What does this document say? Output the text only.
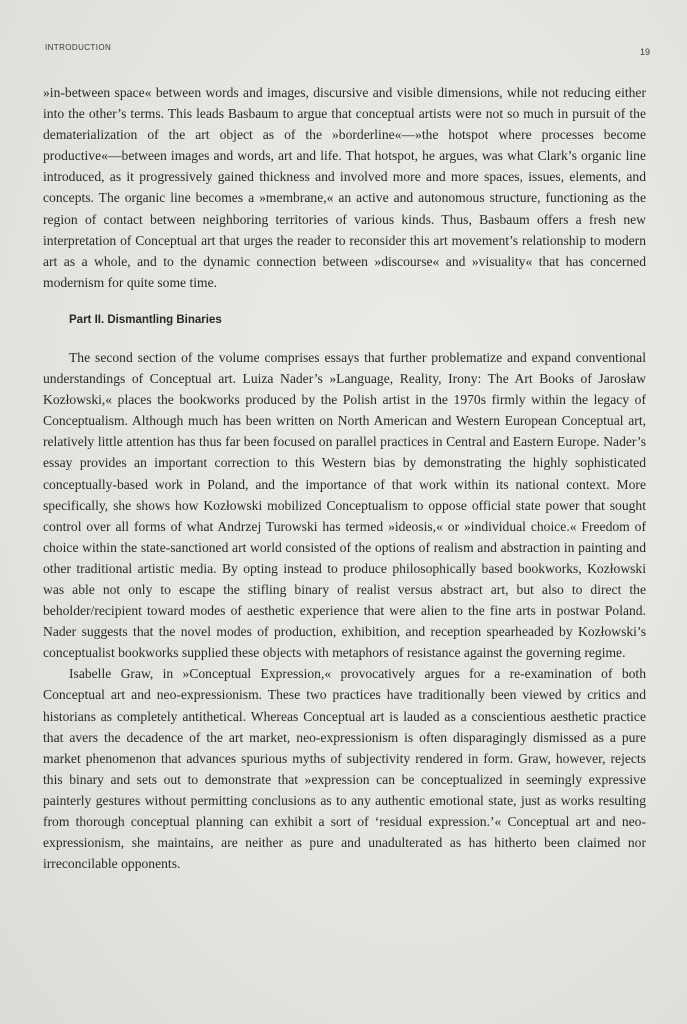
INTRODUCTION	19

»in-between space« between words and images, discursive and visible dimensions, while not reducing either into the other’s terms. This leads Basbaum to argue that conceptual artists were not so much in pursuit of the dematerialization of the art object as of the »borderline«—»the hotspot where processes become productive«—between images and words, art and life. That hotspot, he argues, was what Clark’s organic line introduced, as it progressively gained thickness and involved more and more spaces, issues, elements, and concepts. The organic line becomes a »membrane,« an active and autonomous structure, functioning as the region of contact between neighboring territories of various kinds. Thus, Basbaum offers a fresh new interpretation of Conceptual art that urges the reader to reconsider this art movement’s relationship to modern art as a whole, and to the dynamic connection between »discourse« and »visuality« that has concerned modernism for quite some time.

Part II. Dismantling Binaries

The second section of the volume comprises essays that further problematize and expand conventional understandings of Conceptual art. Luiza Nader’s »Language, Reality, Irony: The Art Books of Jarosław Kozłowski,« places the bookworks produced by the Polish artist in the 1970s firmly within the legacy of Conceptualism. Although much has been written on North American and Western European Conceptual art, relatively little attention has thus far been focused on parallel practices in Central and Eastern Europe. Nader’s essay provides an important correction to this Western bias by demonstrating the highly sophisticated conceptually-based work in Poland, and the importance of that work within its national context. More specifically, she shows how Kozłowski mobilized Conceptualism to oppose official state power that sought control over all forms of what Andrzej Turowski has termed »ideosis,« or »individual choice.« Freedom of choice within the state-sanctioned art world consisted of the options of realism and abstraction in painting and other traditional artistic media. By opting instead to produce philosophically based bookworks, Kozłowski was able not only to escape the stifling binary of realist versus abstract art, but also to direct the beholder/recipient toward modes of aesthetic experience that were alien to the fine arts in postwar Poland. Nader suggests that the novel modes of production, exhibition, and reception spearheaded by Kozłowski’s conceptualist bookworks supplied these objects with metaphors of resistance against the governing regime.

Isabelle Graw, in »Conceptual Expression,« provocatively argues for a re-examination of both Conceptual art and neo-expressionism. These two practices have traditionally been viewed by critics and historians as completely antithetical. Whereas Conceptual art is lauded as a conscientious aesthetic practice that avers the decadence of the art market, neo-expressionism is often disparagingly dismissed as a pure market phenomenon that advances spurious myths of subjectivity rendered in form. Graw, however, rejects this binary and sets out to demonstrate that »expression can be conceptualized in seemingly expressive painterly gestures without permitting conclusions as to any authentic emotional state, just as works resulting from thorough conceptual planning can exhibit a sort of ‘residual expression.’« Conceptual art and neo-expressionism, she maintains, are neither as pure and unadulterated as has hitherto been claimed nor irreconcilable opponents.
